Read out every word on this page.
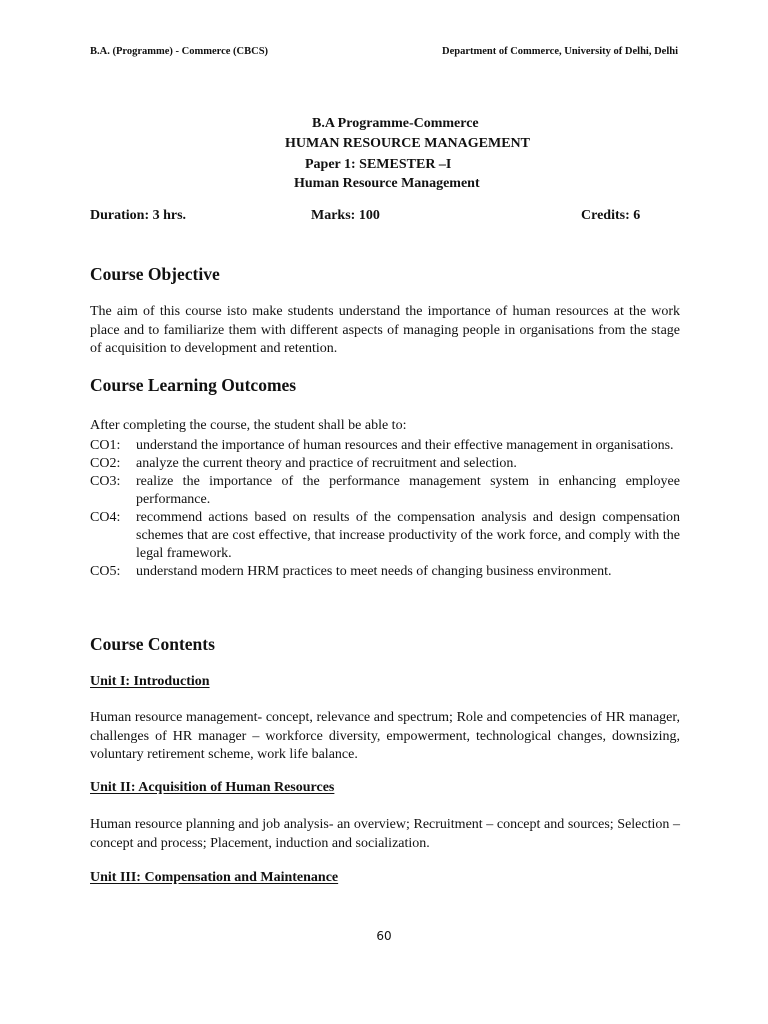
B.A. (Programme) - Commerce (CBCS)	Department of Commerce, University of Delhi, Delhi
B.A Programme-Commerce
HUMAN RESOURCE MANAGEMENT
Paper 1: SEMESTER –I
Human Resource Management
Duration: 3 hrs.	Marks: 100	Credits: 6
Course Objective
The aim of this course isto make students understand the importance of human resources at the work place and to familiarize them with different aspects of managing people in organisations from the stage of acquisition to development and retention.
Course Learning Outcomes
After completing the course, the student shall be able to:
CO1:	understand the importance of human resources and their effective management in organisations.
CO2:	analyze the current theory and practice of recruitment and selection.
CO3:	realize the importance of the performance management system in enhancing employee performance.
CO4:	recommend actions based on results of the compensation analysis and design compensation schemes that are cost effective, that increase productivity of the work force, and comply with the legal framework.
CO5:	understand modern HRM practices to meet needs of changing business environment.
Course Contents
Unit I: Introduction
Human resource management- concept, relevance and spectrum; Role and competencies of HR manager, challenges of HR manager – workforce diversity, empowerment, technological changes, downsizing, voluntary retirement scheme, work life balance.
Unit II: Acquisition of Human Resources
Human resource planning and job analysis- an overview; Recruitment – concept and sources; Selection – concept and process; Placement, induction and socialization.
Unit III: Compensation and Maintenance
60
